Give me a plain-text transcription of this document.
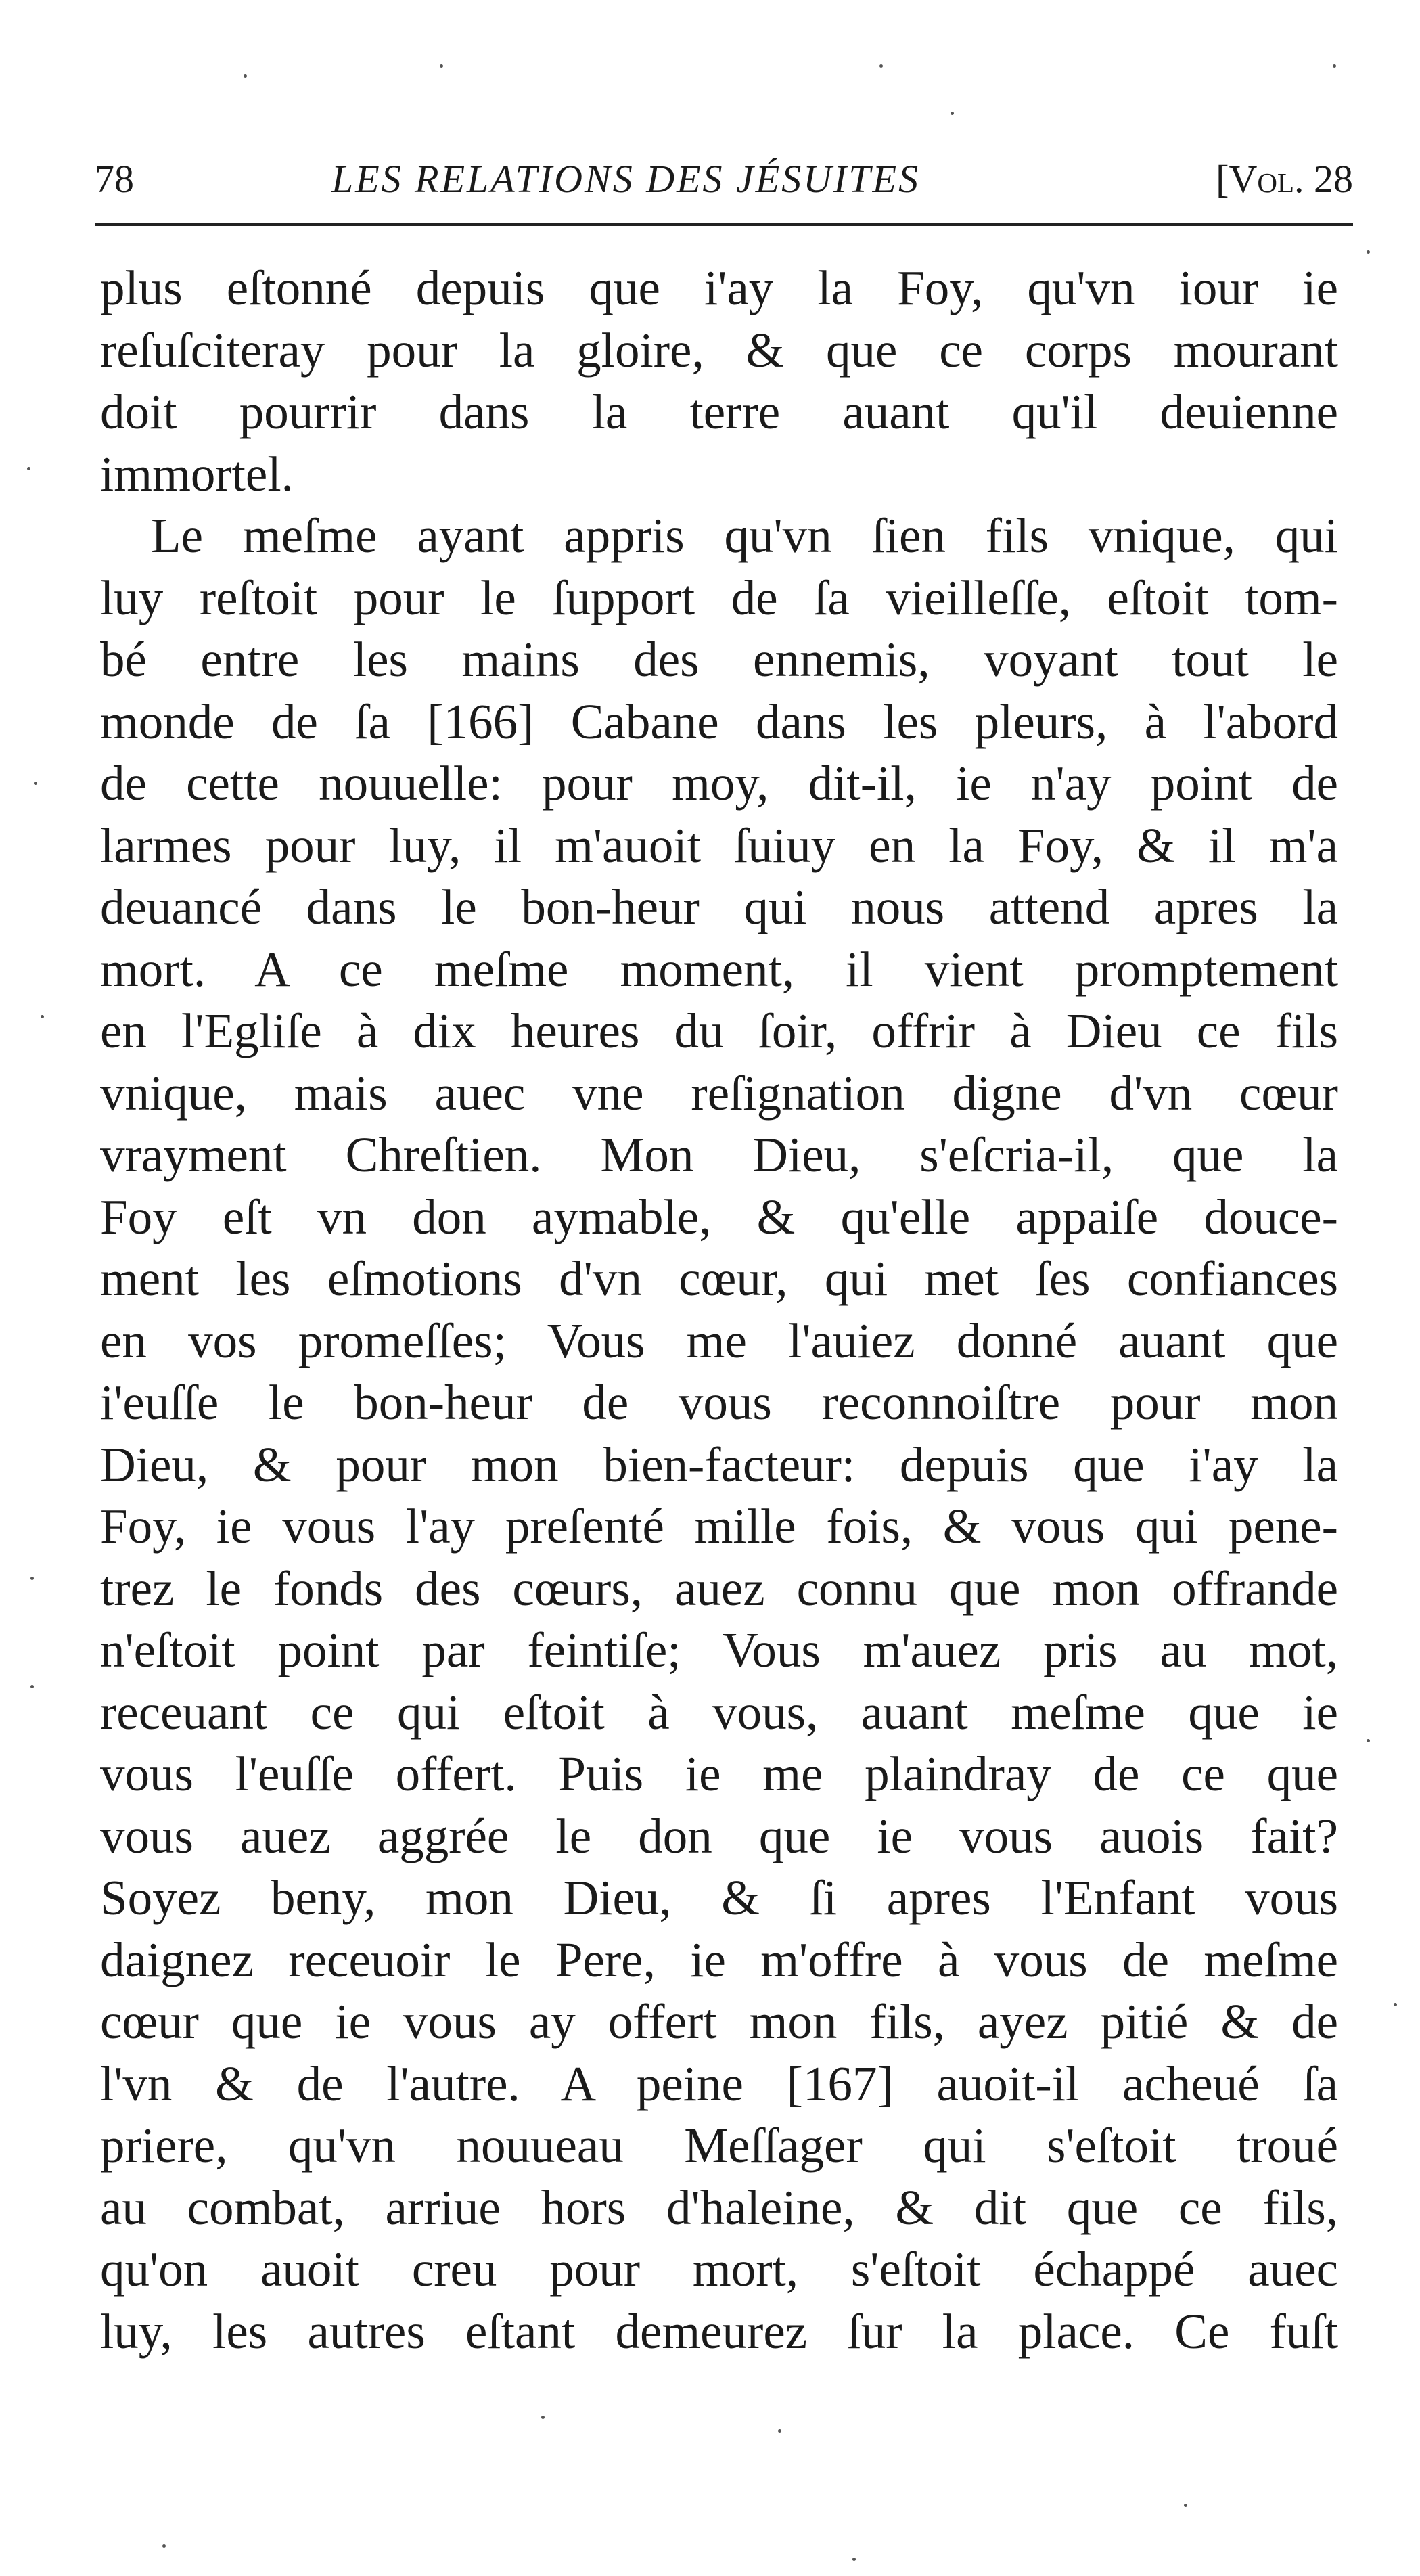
78	LES RELATIONS DES JÉSUITES	[Vol. 28
plus eſtonné depuis que i'ay la Foy, qu'vn iour ie
reſuſciteray pour la gloire, & que ce corps mourant
doit pourrir dans la terre auant qu'il deuienne
immortel.
Le meſme ayant appris qu'vn ſien fils vnique, qui
luy reſtoit pour le ſupport de ſa vieilleſſe, eſtoit tom-
bé entre les mains des ennemis, voyant tout le
monde de ſa [166] Cabane dans les pleurs, à l'abord
de cette nouuelle: pour moy, dit-il, ie n'ay point de
larmes pour luy, il m'auoit ſuiuy en la Foy, & il m'a
deuancé dans le bon-heur qui nous attend apres la
mort. A ce meſme moment, il vient promptement
en l'Egliſe à dix heures du ſoir, offrir à Dieu ce fils
vnique, mais auec vne reſignation digne d'vn cœur
vrayment Chreſtien. Mon Dieu, s'eſcria-il, que la
Foy eſt vn don aymable, & qu'elle appaiſe douce-
ment les eſmotions d'vn cœur, qui met ſes confiances
en vos promeſſes; Vous me l'auiez donné auant que
i'euſſe le bon-heur de vous reconnoiſtre pour mon
Dieu, & pour mon bien-facteur: depuis que i'ay la
Foy, ie vous l'ay preſenté mille fois, & vous qui pene-
trez le fonds des cœurs, auez connu que mon offrande
n'eſtoit point par feintiſe; Vous m'auez pris au mot,
receuant ce qui eſtoit à vous, auant meſme que ie
vous l'euſſe offert. Puis ie me plaindray de ce que
vous auez aggrée le don que ie vous auois fait?
Soyez beny, mon Dieu, & ſi apres l'Enfant vous
daignez receuoir le Pere, ie m'offre à vous de meſme
cœur que ie vous ay offert mon fils, ayez pitié & de
l'vn & de l'autre. A peine [167] auoit-il acheué ſa
priere, qu'vn nouueau Meſſager qui s'eſtoit troué
au combat, arriue hors d'haleine, & dit que ce fils,
qu'on auoit creu pour mort, s'eſtoit échappé auec
luy, les autres eſtant demeurez ſur la place. Ce fuſt
